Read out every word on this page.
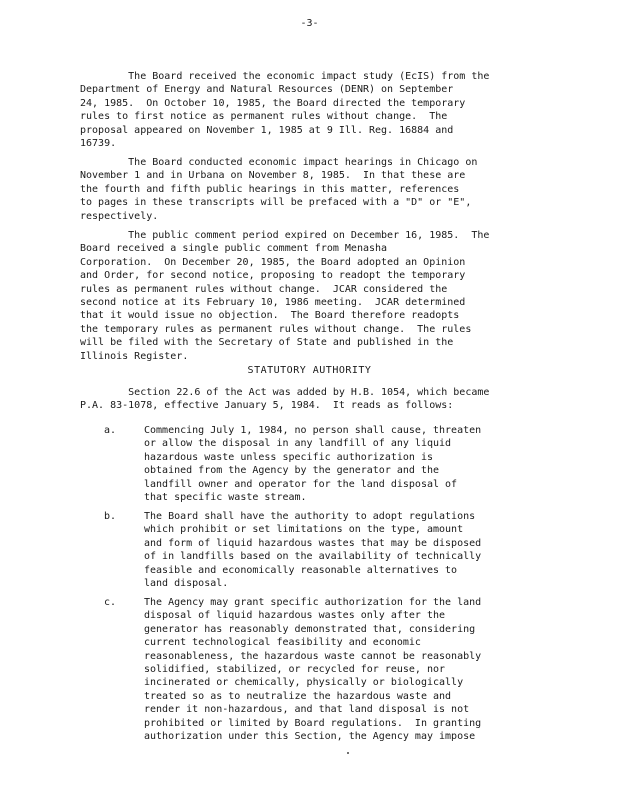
-3-

The Board received the economic impact study (EcIS) from the
Department of Energy and Natural Resources (DENR) on September
24, 1985.  On October 10, 1985, the Board directed the temporary
rules to first notice as permanent rules without change.  The
proposal appeared on November 1, 1985 at 9 Ill. Reg. 16884 and
16739.

The Board conducted economic impact hearings in Chicago on
November 1 and in Urbana on November 8, 1985.  In that these are
the fourth and fifth public hearings in this matter, references
to pages in these transcripts will be prefaced with a "D" or "E",
respectively.

The public comment period expired on December 16, 1985.  The
Board received a single public comment from Menasha
Corporation.  On December 20, 1985, the Board adopted an Opinion
and Order, for second notice, proposing to readopt the temporary
rules as permanent rules without change.  JCAR considered the
second notice at its February 10, 1986 meeting.  JCAR determined
that it would issue no objection.  The Board therefore readopts
the temporary rules as permanent rules without change.  The rules
will be filed with the Secretary of State and published in the
Illinois Register.

STATUTORY AUTHORITY

Section 22.6 of the Act was added by H.B. 1054, which became
P.A. 83-1078, effective January 5, 1984.  It reads as follows:

a.	Commencing July 1, 1984, no person shall cause, threaten
or allow the disposal in any landfill of any liquid
hazardous waste unless specific authorization is
obtained from the Agency by the generator and the
landfill owner and operator for the land disposal of
that specific waste stream.

b.	The Board shall have the authority to adopt regulations
which prohibit or set limitations on the type, amount
and form of liquid hazardous wastes that may be disposed
of in landfills based on the availability of technically
feasible and economically reasonable alternatives to
land disposal.

c.	The Agency may grant specific authorization for the land
disposal of liquid hazardous wastes only after the
generator has reasonably demonstrated that, considering
current technological feasibility and economic
reasonableness, the hazardous waste cannot be reasonably
solidified, stabilized, or recycled for reuse, nor
incinerated or chemically, physically or biologically
treated so as to neutralize the hazardous waste and
render it non-hazardous, and that land disposal is not
prohibited or limited by Board regulations.  In granting
authorization under this Section, the Agency may impose
